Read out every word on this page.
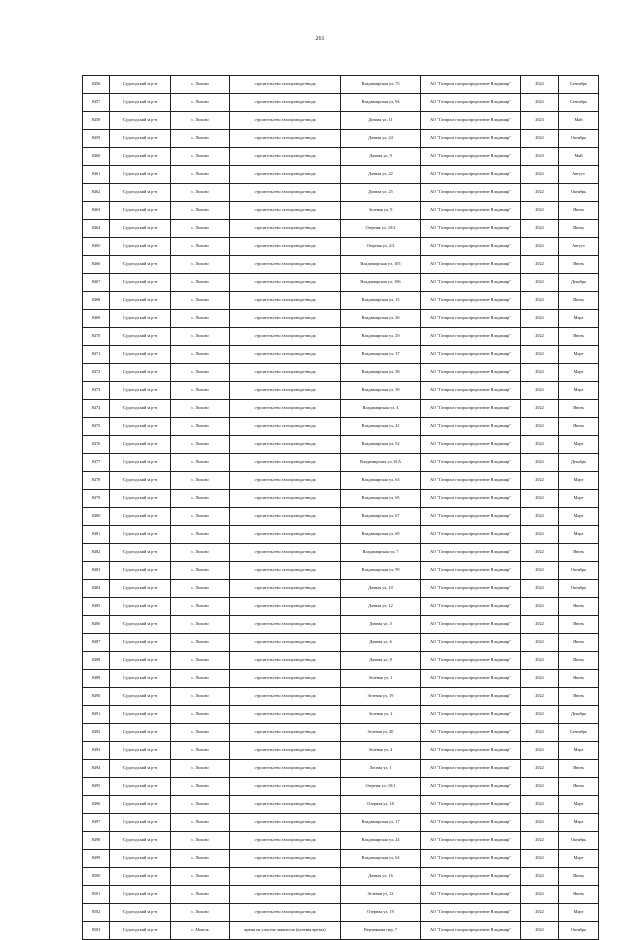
261
8456	Судогодский м.р-н	с. Лихово	строительство газопровода-ввода	Владимирская ул, 75	АО "Газпром газораспределение Владимир"	2022	Сентябрь
8457	Судогодский м.р-н	с. Лихово	строительство газопровода-ввода	Владимирская ул, 94	АО "Газпром газораспределение Владимир"	2022	Сентябрь
8458	Судогодский м.р-н	с. Лихово	строительство газопровода-ввода	Дачная ул, 11	АО "Газпром газораспределение Владимир"	2023	Май
8459	Судогодский м.р-н	с. Лихово	строительство газопровода-ввода	Дачная ул, 24	АО "Газпром газораспределение Владимир"	2022	Октябрь
8460	Судогодский м.р-н	с. Лихово	строительство газопровода-ввода	Дачная ул, 9	АО "Газпром газораспределение Владимир"	2023	Май
8461	Судогодский м.р-н	с. Лихово	строительство газопровода-ввода	Дачная ул, 22	АО "Газпром газораспределение Владимир"	2022	Август
8462	Судогодский м.р-н	с. Лихово	строительство газопровода-ввода	Дачная ул, 25	АО "Газпром газораспределение Владимир"	2022	Октябрь
8463	Судогодский м.р-н	с. Лихово	строительство газопровода-ввода	Зеленая ул, 9	АО "Газпром газораспределение Владимир"	2022	Июнь
8464	Судогодский м.р-н	с. Лихово	строительство газопровода-ввода	Озерная ул, 10/2	АО "Газпром газораспределение Владимир"	2022	Июнь
8465	Судогодский м.р-н	с. Лихово	строительство газопровода-ввода	Озерная ул, 2/2	АО "Газпром газораспределение Владимир"	2022	Август
8466	Судогодский м.р-н	с. Лихово	строительство газопровода-ввода	Владимирская ул, 105	АО "Газпром газораспределение Владимир"	2022	Июнь
8467	Судогодский м.р-н	с. Лихово	строительство газопровода-ввода	Владимирская ул, 106	АО "Газпром газораспределение Владимир"	2022	Декабрь
8468	Судогодский м.р-н	с. Лихово	строительство газопровода-ввода	Владимирская ул, 15	АО "Газпром газораспределение Владимир"	2022	Июнь
8469	Судогодский м.р-н	с. Лихово	строительство газопровода-ввода	Владимирская ул, 26	АО "Газпром газораспределение Владимир"	2022	Март
8470	Судогодский м.р-н	с. Лихово	строительство газопровода-ввода	Владимирская ул, 29	АО "Газпром газораспределение Владимир"	2022	Июнь
8471	Судогодский м.р-н	с. Лихово	строительство газопровода-ввода	Владимирская ул, 37	АО "Газпром газораспределение Владимир"	2022	Март
8472	Судогодский м.р-н	с. Лихово	строительство газопровода-ввода	Владимирская ул, 38	АО "Газпром газораспределение Владимир"	2022	Март
8473	Судогодский м.р-н	с. Лихово	строительство газопровода-ввода	Владимирская ул, 39	АО "Газпром газораспределение Владимир"	2022	Март
8474	Судогодский м.р-н	с. Лихово	строительство газопровода-ввода	Владимирская ул, 4	АО "Газпром газораспределение Владимир"	2022	Июнь
8475	Судогодский м.р-н	с. Лихово	строительство газопровода-ввода	Владимирская ул, 41	АО "Газпром газораспределение Владимир"	2022	Июнь
8476	Судогодский м.р-н	с. Лихово	строительство газопровода-ввода	Владимирская ул, 52	АО "Газпром газораспределение Владимир"	2022	Март
8477	Судогодский м.р-н	с. Лихово	строительство газопровода-ввода	Владимирская ул, 61А	АО "Газпром газораспределение Владимир"	2022	Декабрь
8478	Судогодский м.р-н	с. Лихово	строительство газопровода-ввода	Владимирская ул, 63	АО "Газпром газораспределение Владимир"	2022	Март
8479	Судогодский м.р-н	с. Лихово	строительство газопровода-ввода	Владимирская ул, 65	АО "Газпром газораспределение Владимир"	2022	Март
8480	Судогодский м.р-н	с. Лихово	строительство газопровода-ввода	Владимирская ул, 67	АО "Газпром газораспределение Владимир"	2022	Март
8481	Судогодский м.р-н	с. Лихово	строительство газопровода-ввода	Владимирская ул, 69	АО "Газпром газораспределение Владимир"	2022	Март
8482	Судогодский м.р-н	с. Лихово	строительство газопровода-ввода	Владимирская ул, 7	АО "Газпром газораспределение Владимир"	2022	Июнь
8483	Судогодский м.р-н	с. Лихово	строительство газопровода-ввода	Владимирская ул, 99	АО "Газпром газораспределение Владимир"	2022	Октябрь
8484	Судогодский м.р-н	с. Лихово	строительство газопровода-ввода	Дачная ул, 10	АО "Газпром газораспределение Владимир"	2022	Октябрь
8485	Судогодский м.р-н	с. Лихово	строительство газопровода-ввода	Дачная ул, 12	АО "Газпром газораспределение Владимир"	2022	Июнь
8486	Судогодский м.р-н	с. Лихово	строительство газопровода-ввода	Дачная ул, 3	АО "Газпром газораспределение Владимир"	2022	Июнь
8487	Судогодский м.р-н	с. Лихово	строительство газопровода-ввода	Дачная ул, 6	АО "Газпром газораспределение Владимир"	2022	Июнь
8488	Судогодский м.р-н	с. Лихово	строительство газопровода-ввода	Дачная ул, 8	АО "Газпром газораспределение Владимир"	2022	Июнь
8489	Судогодский м.р-н	с. Лихово	строительство газопровода-ввода	Зеленая ул, 1	АО "Газпром газораспределение Владимир"	2022	Июнь
8490	Судогодский м.р-н	с. Лихово	строительство газопровода-ввода	Зеленая ул, 19	АО "Газпром газораспределение Владимир"	2022	Июнь
8491	Судогодский м.р-н	с. Лихово	строительство газопровода-ввода	Зеленая ул, 2	АО "Газпром газораспределение Владимир"	2022	Декабрь
8492	Судогодский м.р-н	с. Лихово	строительство газопровода-ввода	Зеленая ул, 20	АО "Газпром газораспределение Владимир"	2022	Сентябрь
8493	Судогодский м.р-н	с. Лихово	строительство газопровода-ввода	Зеленая ул, 4	АО "Газпром газораспределение Владимир"	2022	Март
8494	Судогодский м.р-н	с. Лихово	строительство газопровода-ввода	Лесная ул, 1	АО "Газпром газораспределение Владимир"	2022	Июнь
8495	Судогодский м.р-н	с. Лихово	строительство газопровода-ввода	Озерная ул, 10/1	АО "Газпром газораспределение Владимир"	2022	Июнь
8496	Судогодский м.р-н	с. Лихово	строительство газопровода-ввода	Озерная ул, 18	АО "Газпром газораспределение Владимир"	2022	Март
8497	Судогодский м.р-н	с. Лихово	строительство газопровода-ввода	Владимирская ул, 17	АО "Газпром газораспределение Владимир"	2022	Март
8498	Судогодский м.р-н	с. Лихово	строительство газопровода-ввода	Владимирская ул, 24	АО "Газпром газораспределение Владимир"	2022	Октябрь
8499	Судогодский м.р-н	с. Лихово	строительство газопровода-ввода	Владимирская ул, 64	АО "Газпром газораспределение Владимир"	2022	Март
8500	Судогодский м.р-н	с. Лихово	строительство газопровода-ввода	Дачная ул, 16	АО "Газпром газораспределение Владимир"	2022	Июнь
8501	Судогодский м.р-н	с. Лихово	строительство газопровода-ввода	Зеленая ул, 12	АО "Газпром газораспределение Владимир"	2022	Июнь
8502	Судогодский м.р-н	с. Лихово	строительство газопровода-ввода	Озерная ул, 19	АО "Газпром газораспределение Владимир"	2022	Март
8503	Судогодский м.р-н	с. Мошок	время на участие заявителя (нулевая врезка)	Верхнякова пер, 7	АО "Газпром газораспределение Владимир"	2022	Октябрь
